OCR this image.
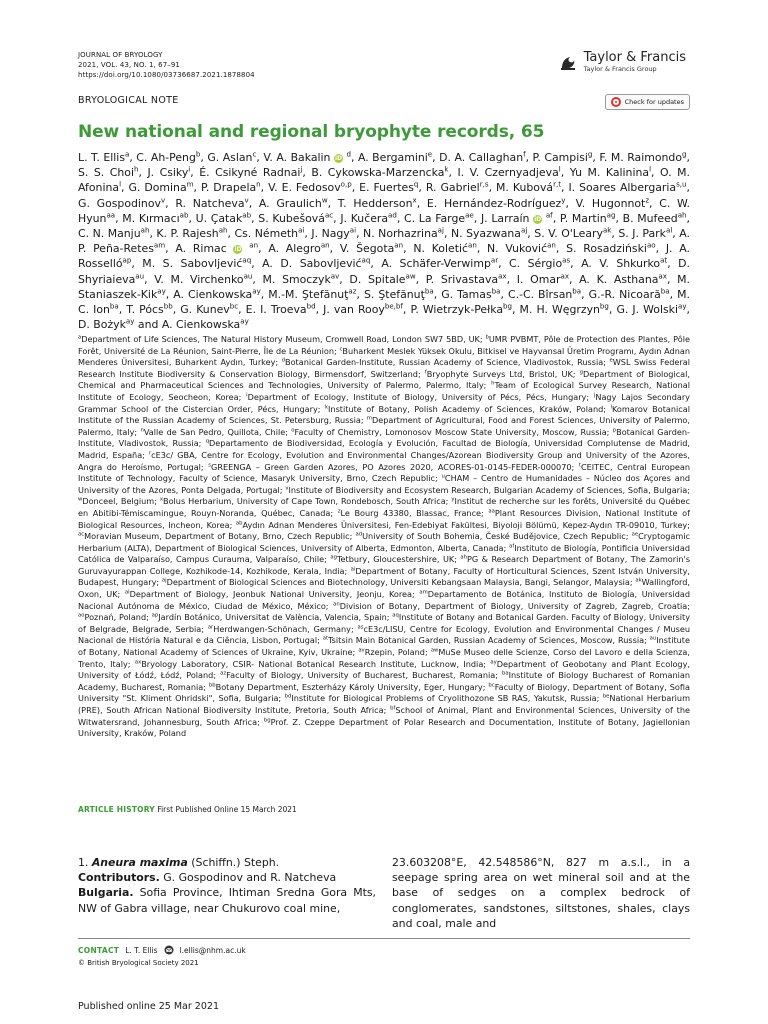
JOURNAL OF BRYOLOGY
2021, VOL. 43, NO. 1, 67–91
https://doi.org/10.1080/03736687.2021.1878804
Taylor & Francis
Taylor & Francis Group
BRYOLOGICAL NOTE	Check for updates
New national and regional bryophyte records, 65
L. T. Ellis$^a$, C. Ah-Peng$^b$, G. Aslan$^c$, V. A. Bakalin iD $^d$, A. Bergamini$^e$, D. A. Callaghan$^f$, P. Campisi$^g$, F. M. Raimondo$^g$, S. S. Choi$^h$, J. Csiky$^i$, É. Csikyné Radnai$^j$, B. Cykowska-Marzencka$^k$, I. V. Czernyadjeva$^l$, Yu M. Kalinina$^l$, O. M. Afonina$^l$, G. Domina$^m$, P. Drapela$^n$, V. E. Fedosov$^{o,p}$, E. Fuertes$^q$, R. Gabriel$^{r,s}$, M. Kubová$^{r,t}$, I. Soares Albergaria$^{s,u}$, G. Gospodinov$^v$, R. Natcheva$^v$, A. Graulich$^w$, T. Hedderson$^x$, E. Hernández-Rodríguez$^y$, V. Hugonnot$^z$, C. W. Hyun$^{aa}$, M. Kırmacı$^{ab}$, U. Çatak$^{ab}$, S. Kubešová$^{ac}$, J. Kučera$^{ad}$, C. La Farge$^{ae}$, J. Larraín iD $^{af}$, P. Martin$^{ag}$, B. Mufeed$^{ah}$, C. N. Manju$^{ah}$, K. P. Rajesh$^{ah}$, Cs. Németh$^{ai}$, J. Nagy$^{ai}$, N. Norhazrina$^{aj}$, N. Syazwana$^{aj}$, S. V. O'Leary$^{ak}$, S. J. Park$^{al}$, A. P. Peña-Retes$^{am}$, A. Rimac iD $^{an}$, A. Alegro$^{an}$, V. Šegota$^{an}$, N. Koletić$^{an}$, N. Vuković$^{an}$, S. Rosadziński$^{ao}$, J. A. Rosselló$^{ap}$, M. S. Sabovljević$^{aq}$, A. D. Sabovljević$^{aq}$, A. Schäfer-Verwimp$^{ar}$, C. Sérgio$^{as}$, A. V. Shkurko$^{at}$, D. Shyriaieva$^{au}$, V. M. Virchenko$^{au}$, M. Smoczyk$^{av}$, D. Spitale$^{aw}$, P. Srivastava$^{ax}$, I. Omar$^{ax}$, A. K. Asthana$^{ax}$, M. Staniaszek-Kik$^{ay}$, A. Cienkowska$^{ay}$, M.-M. Ştefănuţ$^{az}$, S. Ştefănuţ$^{ba}$, G. Tamas$^{ba}$, C.-C. Bîrsan$^{ba}$, G.-R. Nicoară$^{ba}$, M. C. Ion$^{ba}$, T. Pócs$^{bb}$, G. Kunev$^{bc}$, E. I. Troeva$^{bd}$, J. van Rooy$^{be,bf}$, P. Wietrzyk-Pełka$^{bg}$, M. H. Węgrzyn$^{bg}$, G. J. Wolski$^{ay}$, D. Bożyk$^{ay}$ and A. Cienkowska$^{ay}$
$^a$Department of Life Sciences, The Natural History Museum, Cromwell Road, London SW7 5BD, UK; $^b$UMR PVBMT, Pôle de Protection des Plantes, Pôle Forêt, Université de La Réunion, Saint-Pierre, Île de La Réunion; $^c$Buharkent Meslek Yüksek Okulu, Bitkisel ve Hayvansal Üretim Programı, Aydın Adnan Menderes Üniversitesi, Buharkent Aydın, Turkey; $^d$Botanical Garden-Institute, Russian Academy of Science, Vladivostok, Russia; $^e$WSL Swiss Federal Research Institute Biodiversity & Conservation Biology, Birmensdorf, Switzerland; $^f$Bryophyte Surveys Ltd, Bristol, UK; $^g$Department of Biological, Chemical and Pharmaceutical Sciences and Technologies, University of Palermo, Palermo, Italy; $^h$Team of Ecological Survey Research, National Institute of Ecology, Seocheon, Korea; $^i$Department of Ecology, Institute of Biology, University of Pécs, Pécs, Hungary; $^j$Nagy Lajos Secondary Grammar School of the Cistercian Order, Pécs, Hungary; $^k$Institute of Botany, Polish Academy of Sciences, Kraków, Poland; $^l$Komarov Botanical Institute of the Russian Academy of Sciences, St. Petersburg, Russia; $^m$Department of Agricultural, Food and Forest Sciences, University of Palermo, Palermo, Italy; $^n$Valle de San Pedro, Quillota, Chile; $^o$Faculty of Chemistry, Lomonosov Moscow State University, Moscow, Russia; $^p$Botanical Garden-Institute, Vladivostok, Russia; $^q$Departamento de Biodiversidad, Ecología y Evolución, Facultad de Biología, Universidad Complutense de Madrid, Madrid, España; $^r$cE3c/ GBA, Centre for Ecology, Evolution and Environmental Changes/Azorean Biodiversity Group and University of the Azores, Angra do Heroísmo, Portugal; $^s$GREENGA – Green Garden Azores, PO Azores 2020, ACORES-01-0145-FEDER-000070; $^t$CEITEC, Central European Institute of Technology, Faculty of Science, Masaryk University, Brno, Czech Republic; $^u$CHAM – Centro de Humanidades – Núcleo dos Açores and University of the Azores, Ponta Delgada, Portugal; $^v$Institute of Biodiversity and Ecosystem Research, Bulgarian Academy of Sciences, Sofia, Bulgaria; $^w$Donceel, Belgium; $^x$Bolus Herbarium, University of Cape Town, Rondebosch, South Africa; $^y$Institut de recherche sur les forêts, Université du Québec en Abitibi-Témiscamingue, Rouyn-Noranda, Québec, Canada; $^z$Le Bourg 43380, Blassac, France; $^{aa}$Plant Resources Division, National Institute of Biological Resources, Incheon, Korea; $^{ab}$Aydın Adnan Menderes Üniversitesi, Fen-Edebiyat Fakültesi, Biyoloji Bölümü, Kepez-Aydın TR-09010, Turkey; $^{ac}$Moravian Museum, Department of Botany, Brno, Czech Republic; $^{ad}$University of South Bohemia, České Budějovice, Czech Republic; $^{ae}$Cryptogamic Herbarium (ALTA), Department of Biological Sciences, University of Alberta, Edmonton, Alberta, Canada; $^{af}$Instituto de Biología, Pontificia Universidad Católica de Valparaíso, Campus Curauma, Valparaíso, Chile; $^{ag}$Tetbury, Gloucestershire, UK; $^{ah}$PG & Research Department of Botany, The Zamorin's Guruvayurappan College, Kozhikode-14, Kozhikode, Kerala, India; $^{ai}$Department of Botany, Faculty of Horticultural Sciences, Szent István University, Budapest, Hungary; $^{aj}$Department of Biological Sciences and Biotechnology, Universiti Kebangsaan Malaysia, Bangi, Selangor, Malaysia; $^{ak}$Wallingford, Oxon, UK; $^{al}$Department of Biology, Jeonbuk National University, Jeonju, Korea; $^{am}$Departamento de Botánica, Instituto de Biología, Universidad Nacional Autónoma de México, Ciudad de México, México; $^{an}$Division of Botany, Department of Biology, University of Zagreb, Zagreb, Croatia; $^{ao}$Poznań, Poland; $^{ap}$Jardín Botánico, Universitat de València, Valencia, Spain; $^{aq}$Institute of Botany and Botanical Garden. Faculty of Biology, University of Belgrade, Belgrade, Serbia; $^{ar}$Herdwangen-Schönach, Germany; $^{as}$cE3c/LISU, Centre for Ecology, Evolution and Environmental Changes / Museu Nacional de História Natural e da Ciência, Lisbon, Portugal; $^{at}$Tsitsin Main Botanical Garden, Russian Academy of Sciences, Moscow, Russia; $^{au}$Institute of Botany, National Academy of Sciences of Ukraine, Kyiv, Ukraine; $^{av}$Rzepin, Poland; $^{aw}$MuSe Museo delle Scienze, Corso del Lavoro e della Scienza, Trento, Italy; $^{ax}$Bryology Laboratory, CSIR- National Botanical Research Institute, Lucknow, India; $^{ay}$Department of Geobotany and Plant Ecology, University of Łódź, Łódź, Poland; $^{az}$Faculty of Biology, University of Bucharest, Bucharest, Romania; $^{ba}$Institute of Biology Bucharest of Romanian Academy, Bucharest, Romania; $^{bb}$Botany Department, Eszterházy Károly University, Eger, Hungary; $^{bc}$Faculty of Biology, Department of Botany, Sofia University "St. Kliment Ohridski", Sofia, Bulgaria; $^{bd}$Institute for Biological Problems of Cryolithozone SB RAS, Yakutsk, Russia; $^{be}$National Herbarium (PRE), South African National Biodiversity Institute, Pretoria, South Africa; $^{bf}$School of Animal, Plant and Environmental Sciences, University of the Witwatersrand, Johannesburg, South Africa; $^{bg}$Prof. Z. Czeppe Department of Polar Research and Documentation, Institute of Botany, Jagiellonian University, Kraków, Poland
ARTICLE HISTORY First Published Online 15 March 2021
1. Aneura maxima (Schiffn.) Steph.
Contributors. G. Gospodinov and R. Natcheva
Bulgaria. Sofia Province, Ihtiman Sredna Gora Mts, NW of Gabra village, near Chukurovo coal mine,
23.603208°E, 42.548586°N, 827 m a.s.l., in a seepage spring area on wet mineral soil and at the base of sedges on a complex bedrock of conglomerates, sandstones, siltstones, shales, clays and coal, male and
CONTACT L. T. Ellis	l.ellis@nhm.ac.uk
© British Bryological Society 2021
Published online 25 Mar 2021
